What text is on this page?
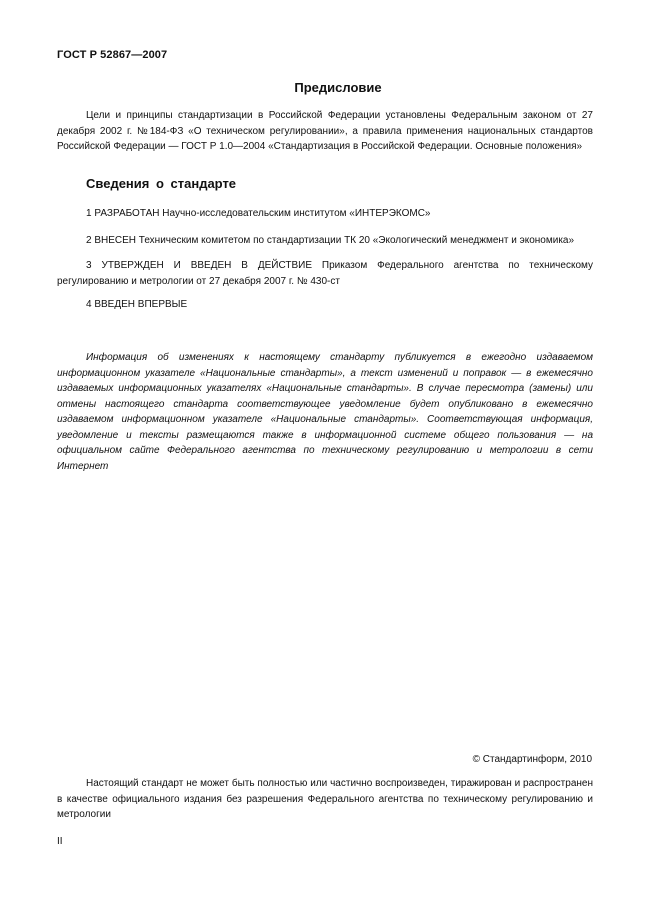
ГОСТ Р 52867—2007
Предисловие
Цели и принципы стандартизации в Российской Федерации установлены Федеральным законом от 27 декабря 2002 г. №184-ФЗ «О техническом регулировании», а правила применения национальных стандартов Российской Федерации — ГОСТ Р 1.0—2004 «Стандартизация в Российской Федерации. Основные положения»
Сведения о стандарте
1 РАЗРАБОТАН Научно-исследовательским институтом «ИНТЕРЭКОМС»
2 ВНЕСЕН Техническим комитетом по стандартизации ТК 20 «Экологический менеджмент и экономика»
3 УТВЕРЖДЕН И ВВЕДЕН В ДЕЙСТВИЕ Приказом Федерального агентства по техническому регулированию и метрологии от 27 декабря 2007 г. № 430-ст
4 ВВЕДЕН ВПЕРВЫЕ
Информация об изменениях к настоящему стандарту публикуется в ежегодно издаваемом информационном указателе «Национальные стандарты», а текст изменений и поправок — в ежемесячно издаваемых информационных указателях «Национальные стандарты». В случае пересмотра (замены) или отмены настоящего стандарта соответствующее уведомление будет опубликовано в ежемесячно издаваемом информационном указателе «Национальные стандарты». Соответствующая информация, уведомление и тексты размещаются также в информационной системе общего пользования — на официальном сайте Федерального агентства по техническому регулированию и метрологии в сети Интернет
© Стандартинформ, 2010
Настоящий стандарт не может быть полностью или частично воспроизведен, тиражирован и распространен в качестве официального издания без разрешения Федерального агентства по техническому регулированию и метрологии
II
